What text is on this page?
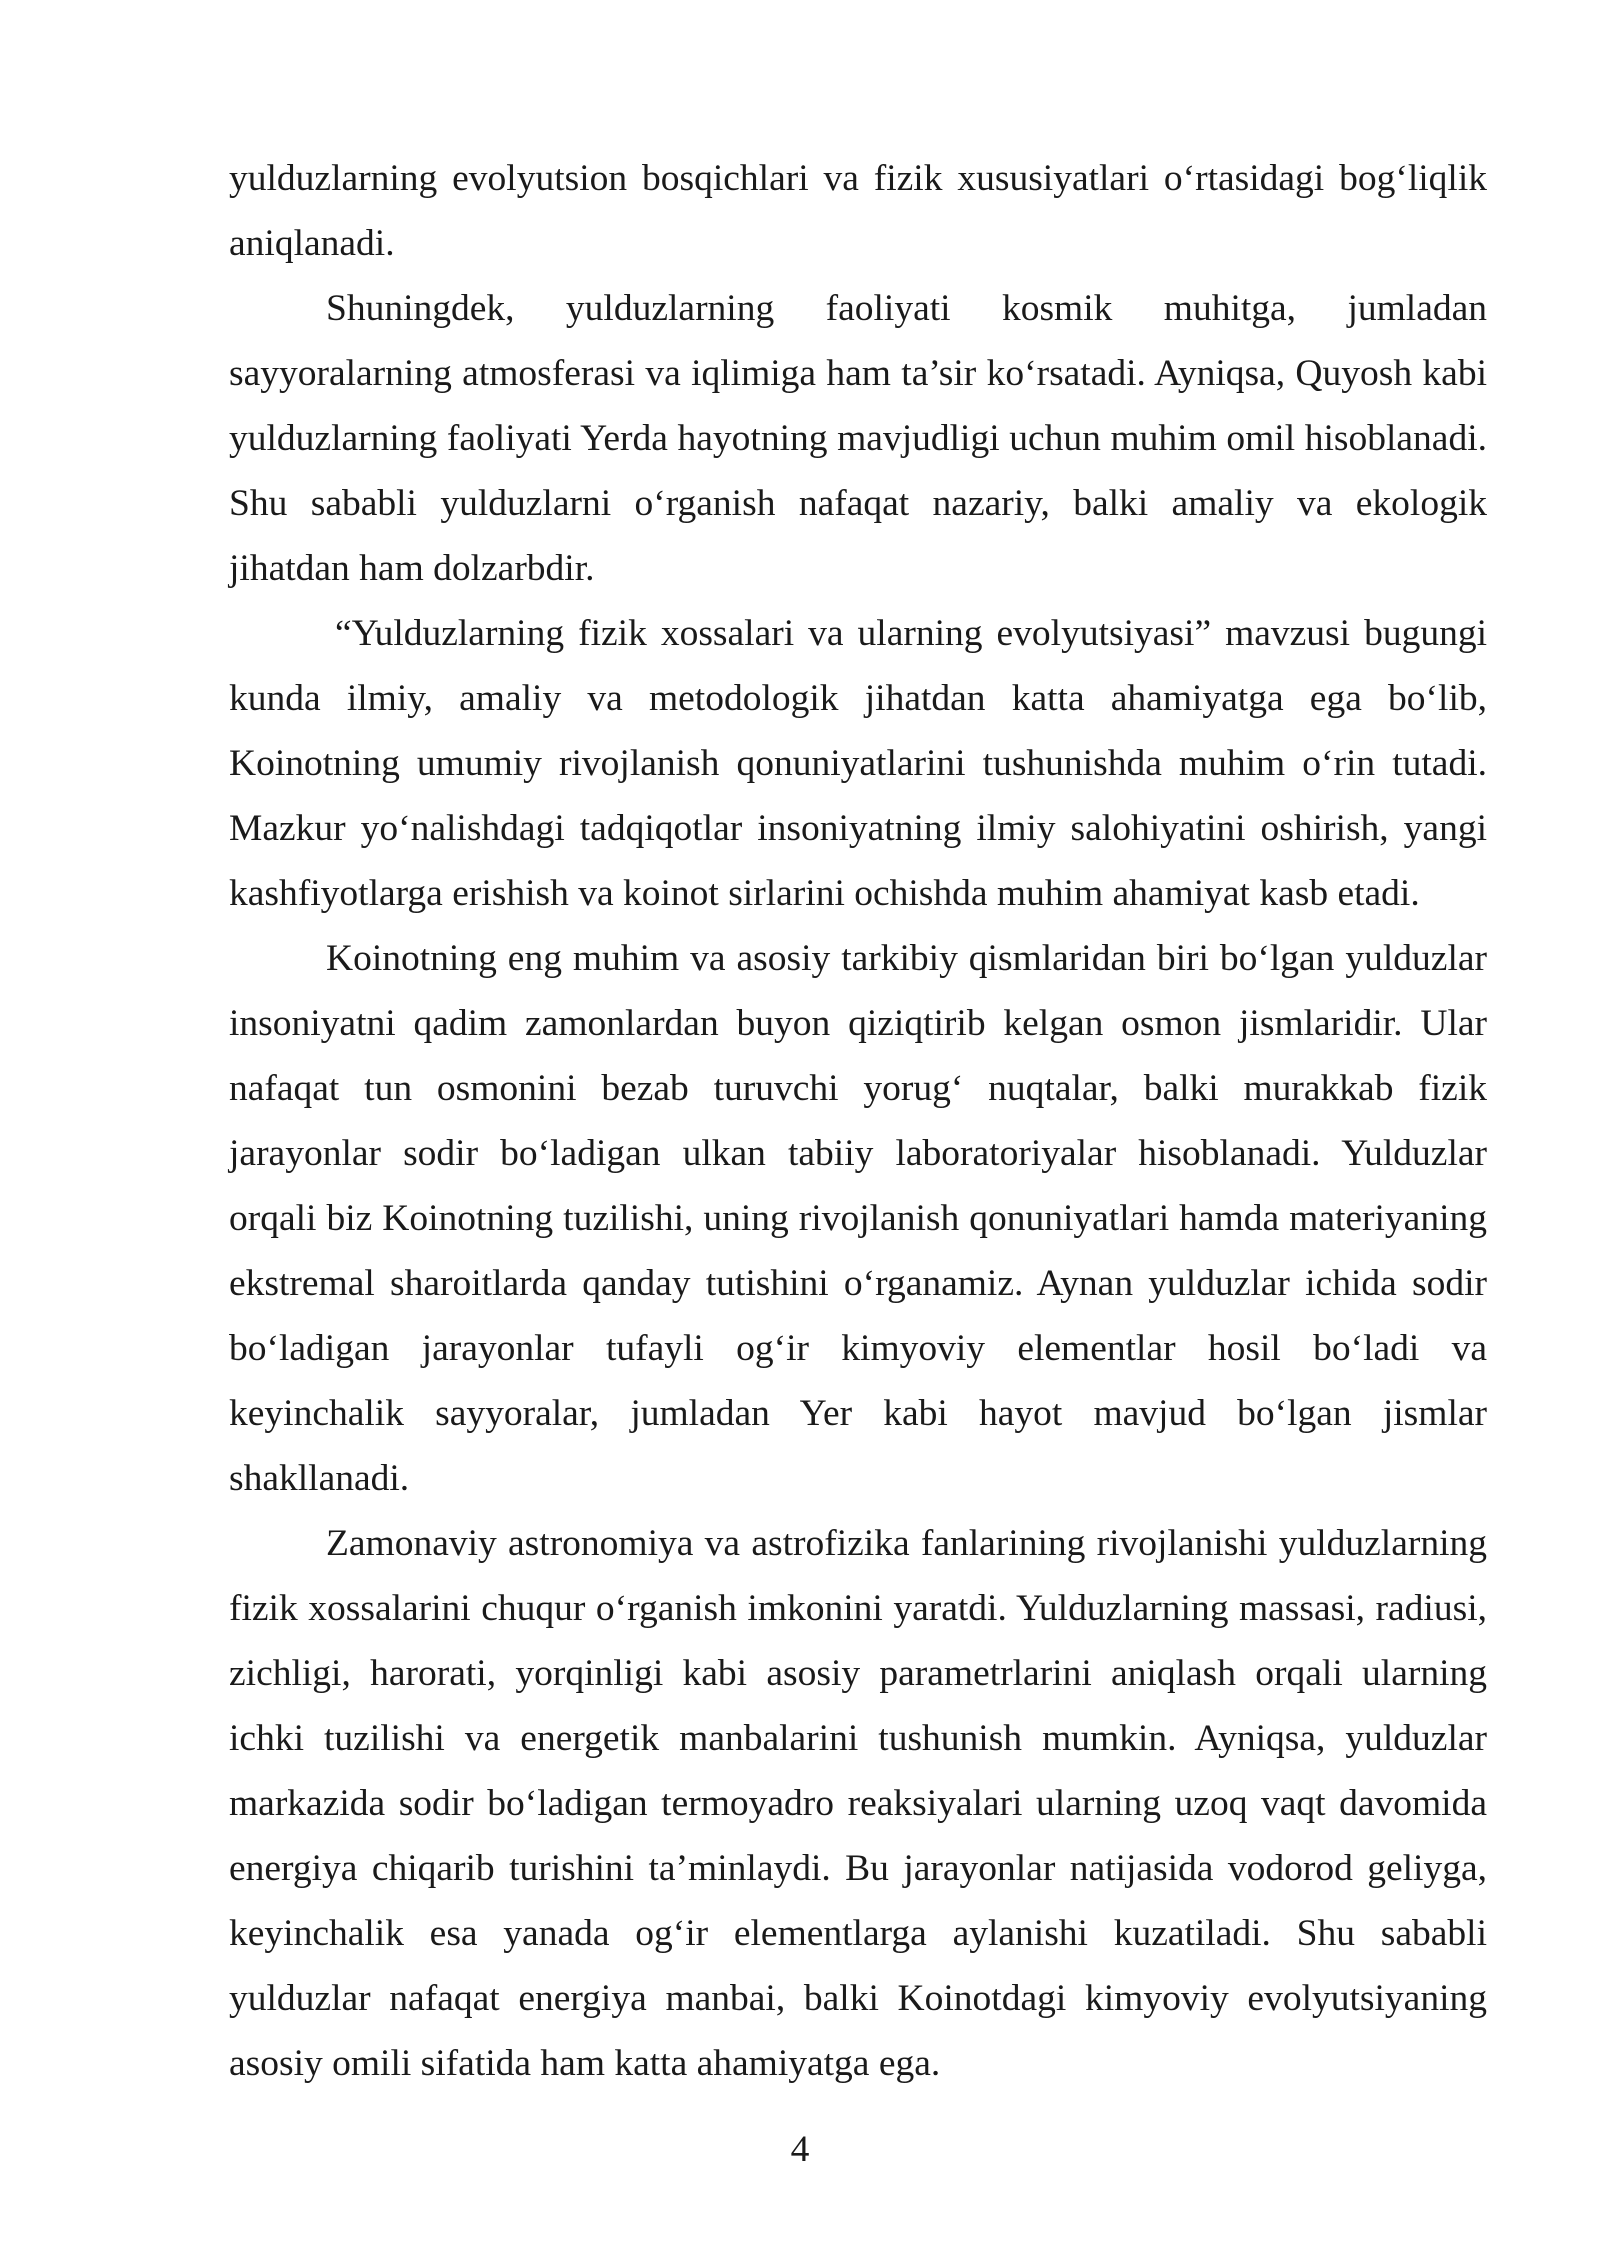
yulduzlarning evolyutsion bosqichlari va fizik xususiyatlari o‘rtasidagi bog‘liqlik aniqlanadi.

Shuningdek, yulduzlarning faoliyati kosmik muhitga, jumladan sayyoralarning atmosferasi va iqlimiga ham ta’sir ko‘rsatadi. Ayniqsa, Quyosh kabi yulduzlarning faoliyati Yerda hayotning mavjudligi uchun muhim omil hisoblanadi. Shu sababli yulduzlarni o‘rganish nafaqat nazariy, balki amaliy va ekologik jihatdan ham dolzarbdir.

“Yulduzlarning fizik xossalari va ularning evolyutsiyasi” mavzusi bugungi kunda ilmiy, amaliy va metodologik jihatdan katta ahamiyatga ega bo‘lib, Koinotning umumiy rivojlanish qonuniyatlarini tushunishda muhim o‘rin tutadi. Mazkur yo‘nalishdagi tadqiqotlar insoniyatning ilmiy salohiyatini oshirish, yangi kashfiyotlarga erishish va koinot sirlarini ochishda muhim ahamiyat kasb etadi.

Koinotning eng muhim va asosiy tarkibiy qismlaridan biri bo‘lgan yulduzlar insoniyatni qadim zamonlardan buyon qiziqtirib kelgan osmon jismlaridir. Ular nafaqat tun osmonini bezab turuvchi yorug‘ nuqtalar, balki murakkab fizik jarayonlar sodir bo‘ladigan ulkan tabiiy laboratoriyalar hisoblanadi. Yulduzlar orqali biz Koinotning tuzilishi, uning rivojlanish qonuniyatlari hamda materiyaning ekstremal sharoitlarda qanday tutishini o‘rganamiz. Aynan yulduzlar ichida sodir bo‘ladigan jarayonlar tufayli og‘ir kimyoviy elementlar hosil bo‘ladi va keyinchalik sayyoralar, jumladan Yer kabi hayot mavjud bo‘lgan jismlar shakllanadi.

Zamonaviy astronomiya va astrofizika fanlarining rivojlanishi yulduzlarning fizik xossalarini chuqur o‘rganish imkonini yaratdi. Yulduzlarning massasi, radiusi, zichligi, harorati, yorqinligi kabi asosiy parametrlarini aniqlash orqali ularning ichki tuzilishi va energetik manbalarini tushunish mumkin. Ayniqsa, yulduzlar markazida sodir bo‘ladigan termoyadro reaksiyalari ularning uzoq vaqt davomida energiya chiqarib turishini ta’minlaydi. Bu jarayonlar natijasida vodorod geliyga, keyinchalik esa yanada og‘ir elementlarga aylanishi kuzatiladi. Shu sababli yulduzlar nafaqat energiya manbai, balki Koinotdagi kimyoviy evolyutsiyaning asosiy omili sifatida ham katta ahamiyatga ega.

4
